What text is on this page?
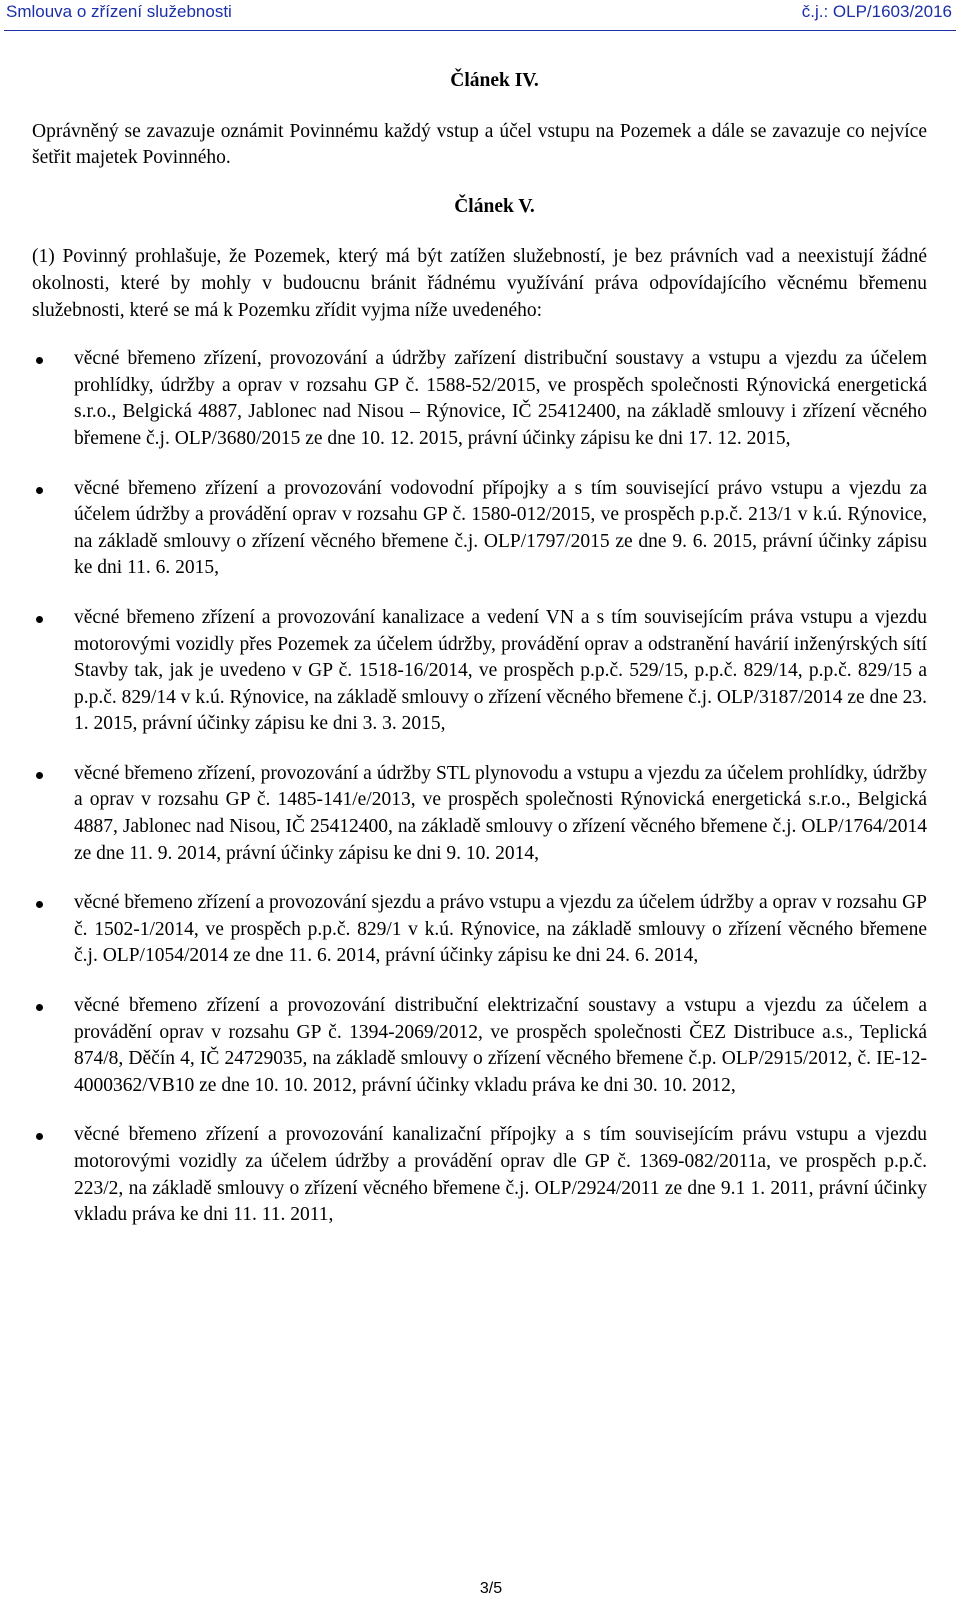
Smlouva o zřízení služebnosti	č.j.: OLP/1603/2016

Článek IV.

Oprávněný se zavazuje oznámit Povinnému každý vstup a účel vstupu na Pozemek a dále se zavazuje co nejvíce šetřit majetek Povinného.

Článek V.

(1) Povinný prohlašuje, že Pozemek, který má být zatížen služebností, je bez právních vad a neexistují žádné okolnosti, které by mohly v budoucnu bránit řádnému využívání práva odpovídajícího věcnému břemenu služebnosti, které se má k Pozemku zřídit vyjma níže uvedeného:

věcné břemeno zřízení, provozování a údržby zařízení distribuční soustavy a vstupu a vjezdu za účelem prohlídky, údržby a oprav v rozsahu GP č. 1588-52/2015, ve prospěch společnosti Rýnovická energetická s.r.o., Belgická 4887, Jablonec nad Nisou – Rýnovice, IČ 25412400, na základě smlouvy i zřízení věcného břemene č.j. OLP/3680/2015 ze dne 10. 12. 2015, právní účinky zápisu ke dni 17. 12. 2015,
věcné břemeno zřízení a provozování vodovodní přípojky a s tím související právo vstupu a vjezdu za účelem údržby a provádění oprav v rozsahu GP č. 1580-012/2015, ve prospěch p.p.č. 213/1 v k.ú. Rýnovice, na základě smlouvy o zřízení věcného břemene č.j. OLP/1797/2015 ze dne 9. 6. 2015, právní účinky zápisu ke dni 11. 6. 2015,
věcné břemeno zřízení a provozování kanalizace a vedení VN a s tím souvisejícím práva vstupu a vjezdu motorovými vozidly přes Pozemek za účelem údržby, provádění oprav a odstranění havárií inženýrských sítí Stavby tak, jak je uvedeno v GP č. 1518-16/2014, ve prospěch p.p.č. 529/15, p.p.č. 829/14, p.p.č. 829/15 a p.p.č. 829/14 v k.ú. Rýnovice, na základě smlouvy o zřízení věcného břemene č.j. OLP/3187/2014 ze dne 23. 1. 2015, právní účinky zápisu ke dni 3. 3. 2015,
věcné břemeno zřízení, provozování a údržby STL plynovodu a vstupu a vjezdu za účelem prohlídky, údržby a oprav v rozsahu GP č. 1485-141/e/2013, ve prospěch společnosti Rýnovická energetická s.r.o., Belgická 4887, Jablonec nad Nisou, IČ 25412400, na základě smlouvy o zřízení věcného břemene č.j. OLP/1764/2014 ze dne 11. 9. 2014, právní účinky zápisu ke dni 9. 10. 2014,
věcné břemeno zřízení a provozování sjezdu a právo vstupu a vjezdu za účelem údržby a oprav v rozsahu GP č. 1502-1/2014, ve prospěch p.p.č. 829/1 v k.ú. Rýnovice, na základě smlouvy o zřízení věcného břemene č.j. OLP/1054/2014 ze dne 11. 6. 2014, právní účinky zápisu ke dni 24. 6. 2014,
věcné břemeno zřízení a provozování distribuční elektrizační soustavy a vstupu a vjezdu za účelem a provádění oprav v rozsahu GP č. 1394-2069/2012, ve prospěch společnosti ČEZ Distribuce a.s., Teplická 874/8, Děčín 4, IČ 24729035, na základě smlouvy o zřízení věcného břemene č.p. OLP/2915/2012, č. IE-12-4000362/VB10 ze dne 10. 10. 2012, právní účinky vkladu práva ke dni 30. 10. 2012,
věcné břemeno zřízení a provozování kanalizační přípojky a s tím souvisejícím právu vstupu a vjezdu motorovými vozidly za účelem údržby a provádění oprav dle GP č. 1369-082/2011a, ve prospěch p.p.č. 223/2, na základě smlouvy o zřízení věcného břemene č.j. OLP/2924/2011 ze dne 9.1 1. 2011, právní účinky vkladu práva ke dni 11. 11. 2011,
3/5
